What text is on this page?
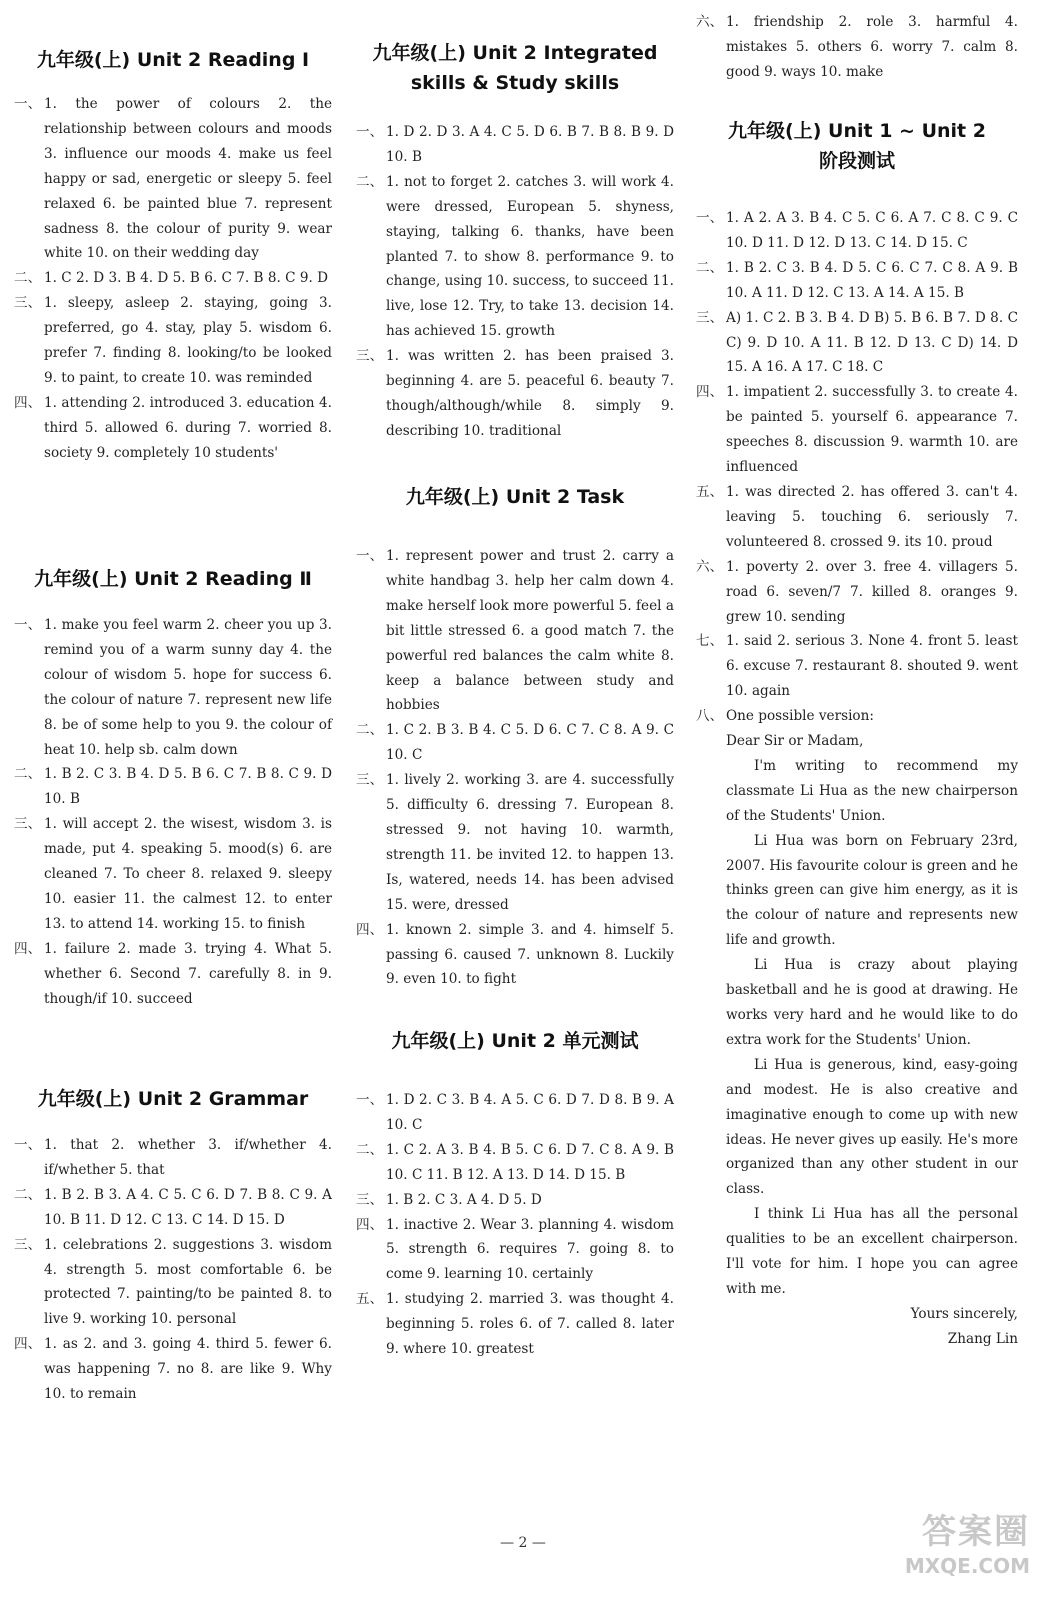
九年级(上) Unit 2 Reading Ⅰ
一、 1. the power of colours 2. the relationship between colours and moods 3. influence our moods 4. make us feel happy or sad, energetic or sleepy 5. feel relaxed 6. be painted blue 7. represent sadness 8. the colour of purity 9. wear white 10. on their wedding day
二、 1. C 2. D 3. B 4. D 5. B 6. C 7. B 8. C 9. D
三、 1. sleepy, asleep 2. staying, going 3. preferred, go 4. stay, play 5. wisdom 6. prefer 7. finding 8. looking/to be looked 9. to paint, to create 10. was reminded
四、 1. attending 2. introduced 3. education 4. third 5. allowed 6. during 7. worried 8. society 9. completely 10 students'
九年级(上) Unit 2 Reading Ⅱ
一、 1. make you feel warm 2. cheer you up 3. remind you of a warm sunny day 4. the colour of wisdom 5. hope for success 6. the colour of nature 7. represent new life 8. be of some help to you 9. the colour of heat 10. help sb. calm down
二、 1. B 2. C 3. B 4. D 5. B 6. C 7. B 8. C 9. D 10. B
三、 1. will accept 2. the wisest, wisdom 3. is made, put 4. speaking 5. mood(s) 6. are cleaned 7. To cheer 8. relaxed 9. sleepy 10. easier 11. the calmest 12. to enter 13. to attend 14. working 15. to finish
四、 1. failure 2. made 3. trying 4. What 5. whether 6. Second 7. carefully 8. in 9. though/if 10. succeed
九年级(上) Unit 2 Grammar
一、 1. that 2. whether 3. if/whether 4. if/whether 5. that
二、 1. B 2. B 3. A 4. C 5. C 6. D 7. B 8. C 9. A 10. B 11. D 12. C 13. C 14. D 15. D
三、 1. celebrations 2. suggestions 3. wisdom 4. strength 5. most comfortable 6. be protected 7. painting/to be painted 8. to live 9. working 10. personal
四、 1. as 2. and 3. going 4. third 5. fewer 6. was happening 7. no 8. are like 9. Why 10. to remain
九年级(上) Unit 2 Integrated
skills & Study skills
一、 1. D 2. D 3. A 4. C 5. D 6. B 7. B 8. B 9. D 10. B
二、 1. not to forget 2. catches 3. will work 4. were dressed, European 5. shyness, staying, talking 6. thanks, have been planted 7. to show 8. performance 9. to change, using 10. success, to succeed 11. live, lose 12. Try, to take 13. decision 14. has achieved 15. growth
三、 1. was written 2. has been praised 3. beginning 4. are 5. peaceful 6. beauty 7. though/although/while 8. simply 9. describing 10. traditional
九年级(上) Unit 2 Task
一、 1. represent power and trust 2. carry a white handbag 3. help her calm down 4. make herself look more powerful 5. feel a bit little stressed 6. a good match 7. the powerful red balances the calm white 8. keep a balance between study and hobbies
二、 1. C 2. B 3. B 4. C 5. D 6. C 7. C 8. A 9. C 10. C
三、 1. lively 2. working 3. are 4. successfully 5. difficulty 6. dressing 7. European 8. stressed 9. not having 10. warmth, strength 11. be invited 12. to happen 13. Is, watered, needs 14. has been advised 15. were, dressed
四、 1. known 2. simple 3. and 4. himself 5. passing 6. caused 7. unknown 8. Luckily 9. even 10. to fight
九年级(上) Unit 2 单元测试
一、 1. D 2. C 3. B 4. A 5. C 6. D 7. D 8. B 9. A 10. C
二、 1. C 2. A 3. B 4. B 5. C 6. D 7. C 8. A 9. B 10. C 11. B 12. A 13. D 14. D 15. B
三、 1. B 2. C 3. A 4. D 5. D
四、 1. inactive 2. Wear 3. planning 4. wisdom 5. strength 6. requires 7. going 8. to come 9. learning 10. certainly
五、 1. studying 2. married 3. was thought 4. beginning 5. roles 6. of 7. called 8. later 9. where 10. greatest
六、 1. friendship 2. role 3. harmful 4. mistakes 5. others 6. worry 7. calm 8. good 9. ways 10. make
九年级(上) Unit 1 ~ Unit 2
阶段测试
一、 1. A 2. A 3. B 4. C 5. C 6. A 7. C 8. C 9. C 10. D 11. D 12. D 13. C 14. D 15. C
二、 1. B 2. C 3. B 4. D 5. C 6. C 7. C 8. A 9. B 10. A 11. D 12. C 13. A 14. A 15. B
三、 A) 1. C 2. B 3. B 4. D B) 5. B 6. B 7. D 8. C C) 9. D 10. A 11. B 12. D 13. C D) 14. D 15. A 16. A 17. C 18. C
四、 1. impatient 2. successfully 3. to create 4. be painted 5. yourself 6. appearance 7. speeches 8. discussion 9. warmth 10. are influenced
五、 1. was directed 2. has offered 3. can't 4. leaving 5. touching 6. seriously 7. volunteered 8. crossed 9. its 10. proud
六、 1. poverty 2. over 3. free 4. villagers 5. road 6. seven/7 7. killed 8. oranges 9. grew 10. sending
七、 1. said 2. serious 3. None 4. front 5. least 6. excuse 7. restaurant 8. shouted 9. went 10. again
八、 One possible version:
Dear Sir or Madam,
I'm writing to recommend my classmate Li Hua as the new chairperson of the Students' Union.
Li Hua was born on February 23rd, 2007. His favourite colour is green and he thinks green can give him energy, as it is the colour of nature and represents new life and growth.
Li Hua is crazy about playing basketball and he is good at drawing. He works very hard and he would like to do extra work for the Students' Union.
Li Hua is generous, kind, easy-going and modest. He is also creative and imaginative enough to come up with new ideas. He never gives up easily. He's more organized than any other student in our class.
I think Li Hua has all the personal qualities to be an excellent chairperson. I'll vote for him. I hope you can agree with me.
Yours sincerely,
Zhang Lin
— 2 —	答案圈
MXQE.COM
